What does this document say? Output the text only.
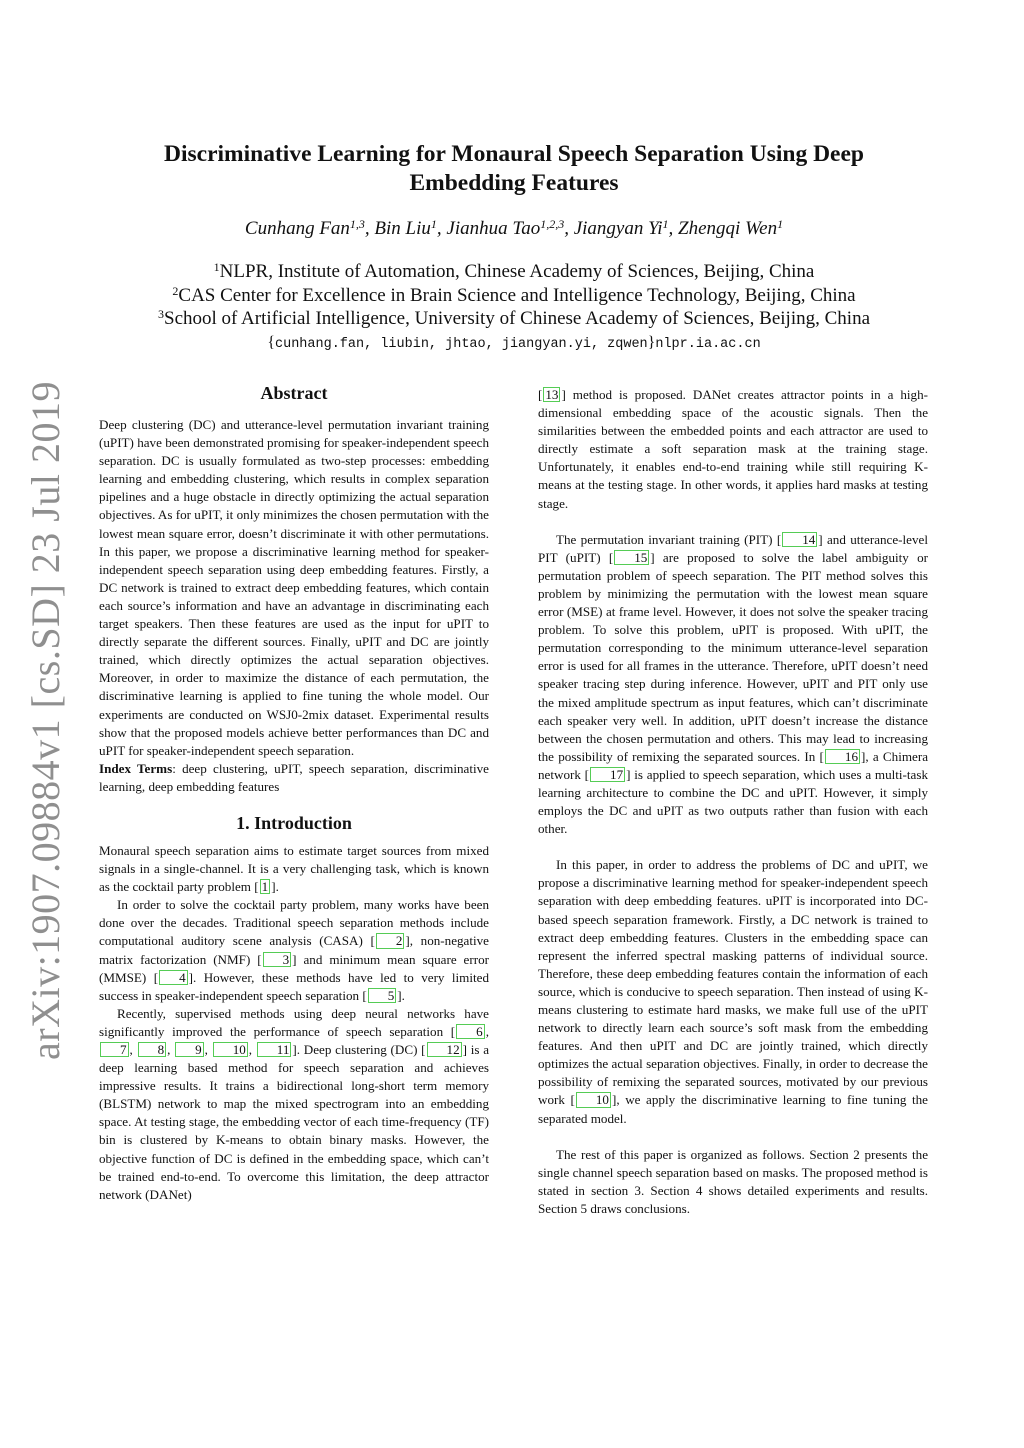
arXiv:1907.09884v1 [cs.SD] 23 Jul 2019
Discriminative Learning for Monaural Speech Separation Using Deep
Embedding Features
Cunhang Fan$^{1,3}$, Bin Liu$^1$, Jianhua Tao$^{1,2,3}$, Jiangyan Yi$^1$, Zhengqi Wen$^1$
$^1$NLPR, Institute of Automation, Chinese Academy of Sciences, Beijing, China
$^2$CAS Center for Excellence in Brain Science and Intelligence Technology, Beijing, China
$^3$School of Artificial Intelligence, University of Chinese Academy of Sciences, Beijing, China
{cunhang.fan, liubin, jhtao, jiangyan.yi, zqwen}nlpr.ia.ac.cn
Abstract

Deep clustering (DC) and utterance-level permutation invariant training (uPIT) have been demonstrated promising for speaker-independent speech separation. DC is usually formulated as two-step processes: embedding learning and embedding clustering, which results in complex separation pipelines and a huge obstacle in directly optimizing the actual separation objectives. As for uPIT, it only minimizes the chosen permutation with the lowest mean square error, doesn’t discriminate it with other permutations. In this paper, we propose a discriminative learning method for speaker-independent speech separation using deep embedding features. Firstly, a DC network is trained to extract deep embedding features, which contain each source’s information and have an advantage in discriminating each target speakers. Then these features are used as the input for uPIT to directly separate the different sources. Finally, uPIT and DC are jointly trained, which directly optimizes the actual separation objectives. Moreover, in order to maximize the distance of each permutation, the discriminative learning is applied to fine tuning the whole model. Our experiments are conducted on WSJ0-2mix dataset. Experimental results show that the proposed models achieve better performances than DC and uPIT for speaker-independent speech separation.

Index Terms: deep clustering, uPIT, speech separation, discriminative learning, deep embedding features

1. Introduction

Monaural speech separation aims to estimate target sources from mixed signals in a single-channel. It is a very challenging task, which is known as the cocktail party problem [ 1 ].

In order to solve the cocktail party problem, many works have been done over the decades. Traditional speech separation methods include computational auditory scene analysis (CASA) [ 2 ], non-negative matrix factorization (NMF) [ 3 ] and minimum mean square error (MMSE) [ 4 ]. However, these methods have led to very limited success in speaker-independent speech separation [ 5 ].

Recently, supervised methods using deep neural networks have significantly improved the performance of speech separation [ 6 , 7 , 8 , 9 , 10 , 11 ]. Deep clustering (DC) [ 12 ] is a deep learning based method for speech separation and achieves impressive results. It trains a bidirectional long-short term memory (BLSTM) network to map the mixed spectrogram into an embedding space. At testing stage, the embedding vector of each time-frequency (TF) bin is clustered by K-means to obtain binary masks. However, the objective function of DC is defined in the embedding space, which can’t be trained end-to-end. To overcome this limitation, the deep attractor network (DANet)

[ 13 ] method is proposed. DANet creates attractor points in a high-dimensional embedding space of the acoustic signals. Then the similarities between the embedded points and each attractor are used to directly estimate a soft separation mask at the training stage. Unfortunately, it enables end-to-end training while still requiring K-means at the testing stage. In other words, it applies hard masks at testing stage.

The permutation invariant training (PIT) [ 14 ] and utterance-level PIT (uPIT) [ 15 ] are proposed to solve the label ambiguity or permutation problem of speech separation. The PIT method solves this problem by minimizing the permutation with the lowest mean square error (MSE) at frame level. However, it does not solve the speaker tracing problem. To solve this problem, uPIT is proposed. With uPIT, the permutation corresponding to the minimum utterance-level separation error is used for all frames in the utterance. Therefore, uPIT doesn’t need speaker tracing step during inference. However, uPIT and PIT only use the mixed amplitude spectrum as input features, which can’t discriminate each speaker very well. In addition, uPIT doesn’t increase the distance between the chosen permutation and others. This may lead to increasing the possibility of remixing the separated sources. In [ 16 ], a Chimera network [ 17 ] is applied to speech separation, which uses a multi-task learning architecture to combine the DC and uPIT. However, it simply employs the DC and uPIT as two outputs rather than fusion with each other.

In this paper, in order to address the problems of DC and uPIT, we propose a discriminative learning method for speaker-independent speech separation with deep embedding features. uPIT is incorporated into DC-based speech separation framework. Firstly, a DC network is trained to extract deep embedding features. Clusters in the embedding space can represent the inferred spectral masking patterns of individual source. Therefore, these deep embedding features contain the information of each source, which is conducive to speech separation. Then instead of using K-means clustering to estimate hard masks, we make full use of the uPIT network to directly learn each source’s soft mask from the embedding features. And then uPIT and DC are jointly trained, which directly optimizes the actual separation objectives. Finally, in order to decrease the possibility of remixing the separated sources, motivated by our previous work [ 10 ], we apply the discriminative learning to fine tuning the separated model.

The rest of this paper is organized as follows. Section 2 presents the single channel speech separation based on masks. The proposed method is stated in section 3. Section 4 shows detailed experiments and results. Section 5 draws conclusions.
